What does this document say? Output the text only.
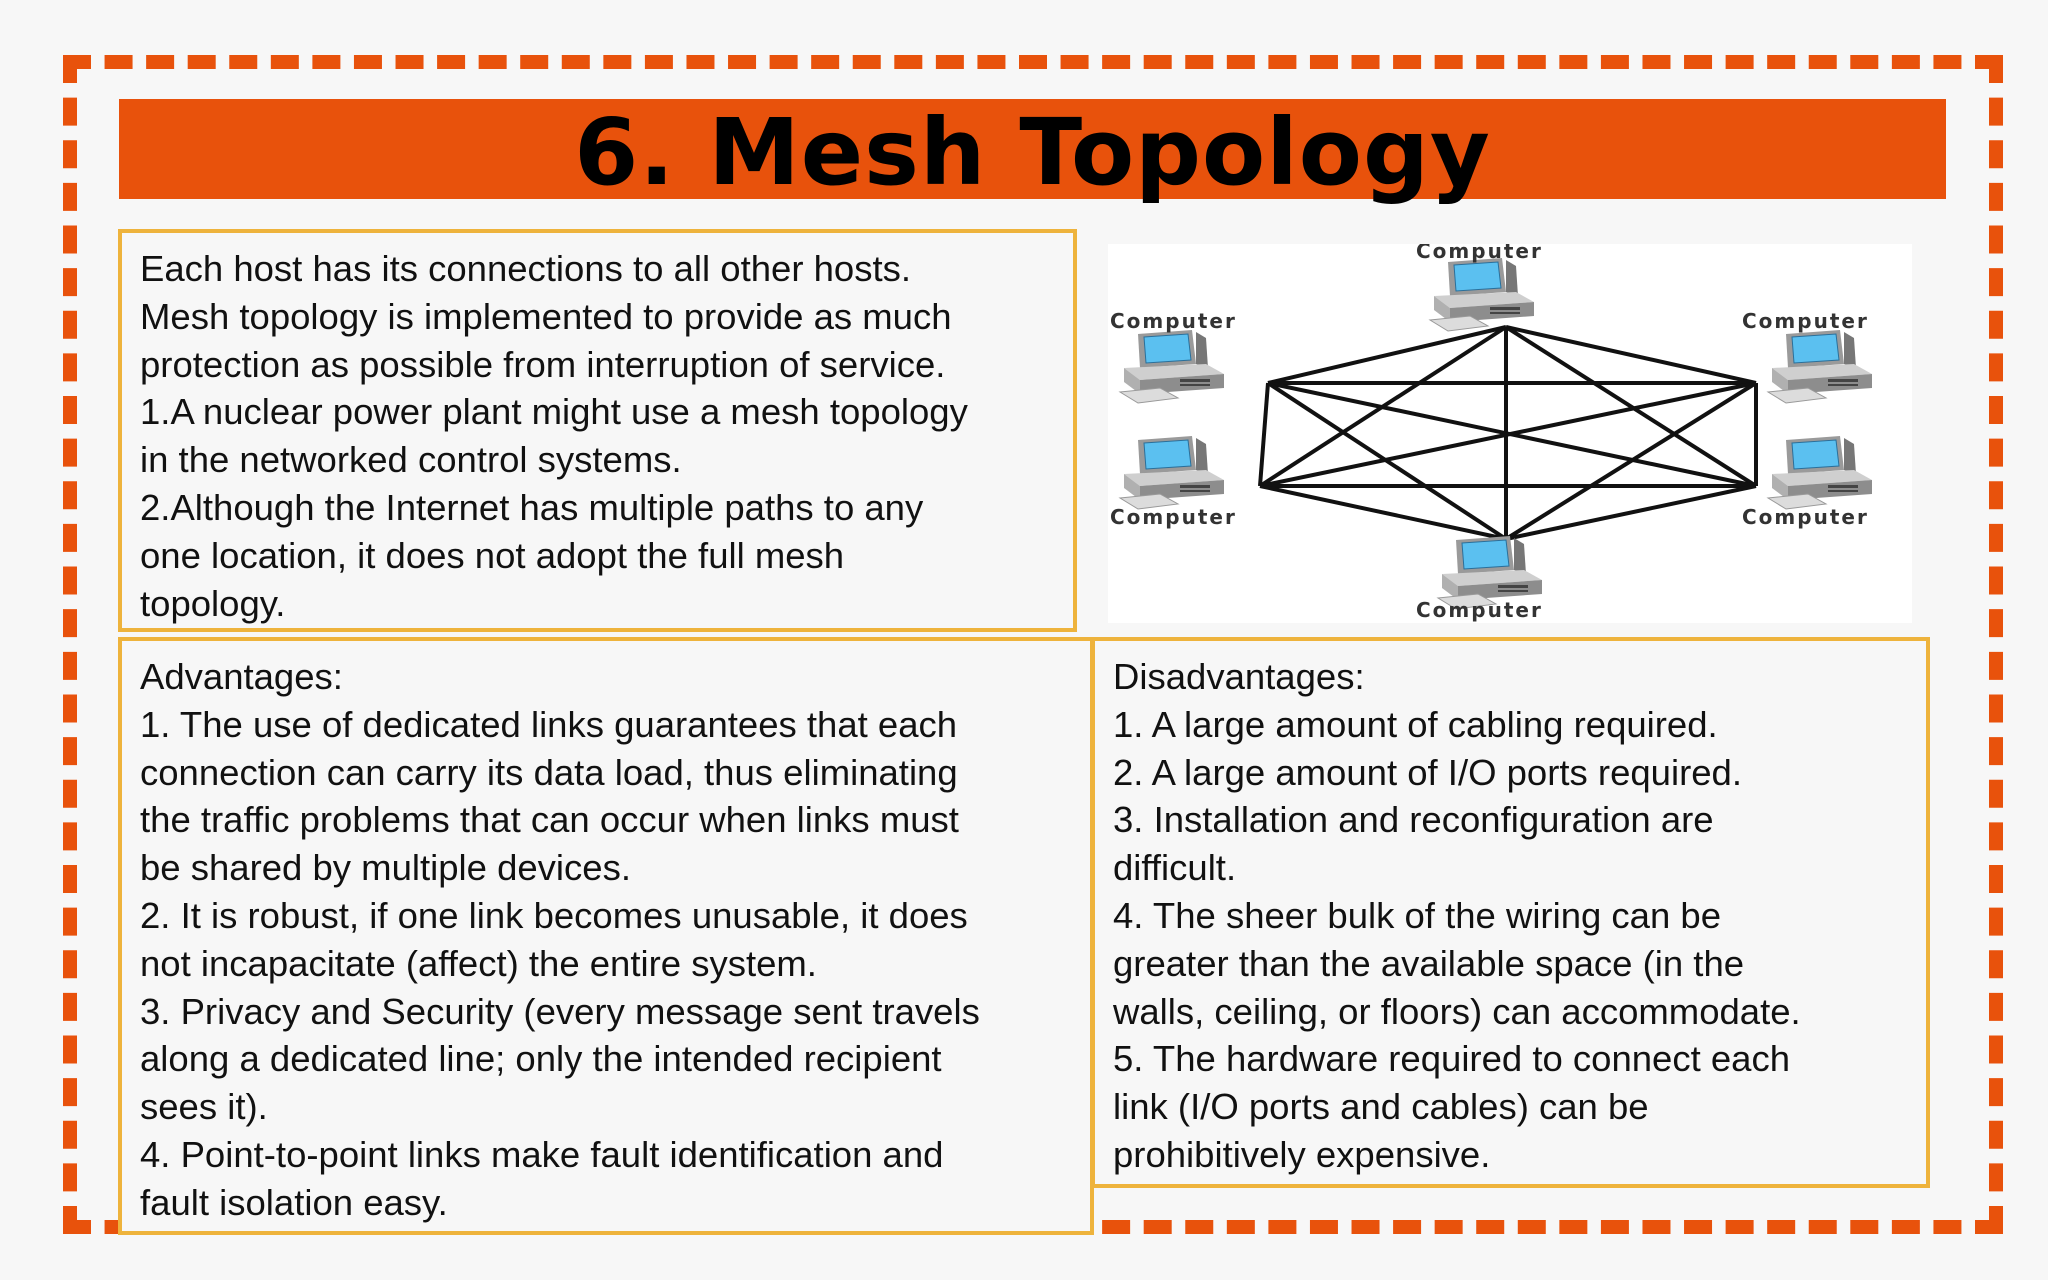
6. Mesh Topology

Each host has its connections to all other hosts.

Mesh topology is implemented to provide as much

protection as possible from interruption of service.

1.A nuclear power plant might use a mesh topology

in the networked control systems.

2.Although the Internet has multiple paths to any

one location, it does not adopt the full mesh

topology.

Computer
Computer	Computer
Computer	Computer
Computer

Advantages:

1. The use of dedicated links guarantees that each

connection can carry its data load, thus eliminating

the traffic problems that can occur when links must

be shared by multiple devices.

2. It is robust, if one link becomes unusable, it does

not incapacitate (affect) the entire system.

3. Privacy and Security (every message sent travels

along a dedicated line; only the intended recipient

sees it).

4. Point-to-point links make fault identification and

fault isolation easy.

Disadvantages:

1. A large amount of cabling required.

2. A large amount of I/O ports required.

3. Installation and reconfiguration are

difficult.

4. The sheer bulk of the wiring can be

greater than the available space (in the

walls, ceiling, or floors) can accommodate.

5. The hardware required to connect each

link (I/O ports and cables) can be

prohibitively expensive.
